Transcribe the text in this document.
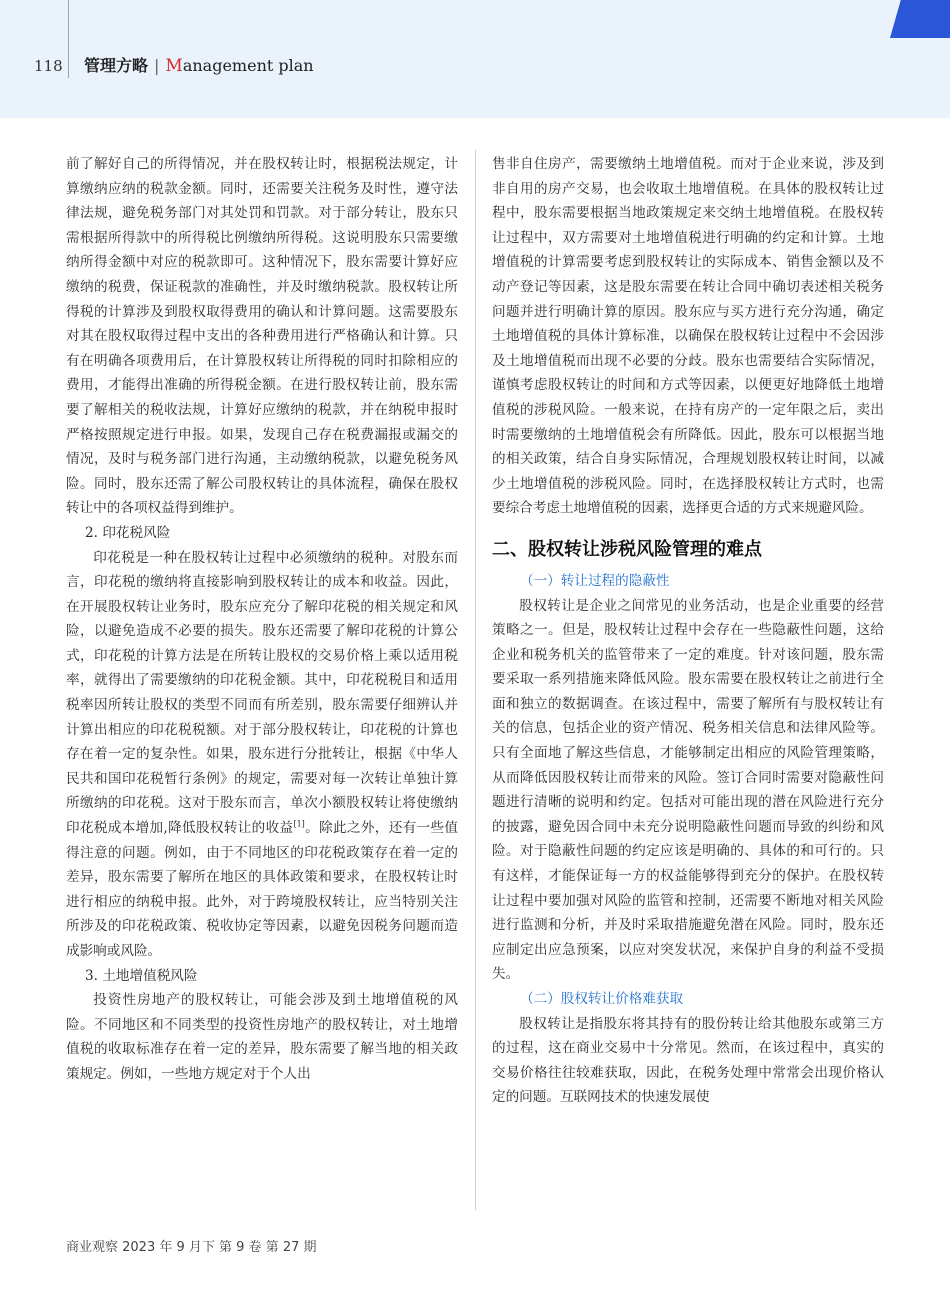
118 管理方略 | Management plan

前了解好自己的所得情况，并在股权转让时，根据税法规定，计算缴纳应纳的税款金额。同时，还需要关注税务及时性，遵守法律法规，避免税务部门对其处罚和罚款。对于部分转让，股东只需根据所得款中的所得税比例缴纳所得税。这说明股东只需要缴纳所得金额中对应的税款即可。这种情况下，股东需要计算好应缴纳的税费，保证税款的准确性，并及时缴纳税款。股权转让所得税的计算涉及到股权取得费用的确认和计算问题。这需要股东对其在股权取得过程中支出的各种费用进行严格确认和计算。只有在明确各项费用后，在计算股权转让所得税的同时扣除相应的费用，才能得出准确的所得税金额。在进行股权转让前，股东需要了解相关的税收法规，计算好应缴纳的税款，并在纳税申报时严格按照规定进行申报。如果，发现自己存在税费漏报或漏交的情况，及时与税务部门进行沟通，主动缴纳税款，以避免税务风险。同时，股东还需了解公司股权转让的具体流程，确保在股权转让中的各项权益得到维护。

2. 印花税风险

印花税是一种在股权转让过程中必须缴纳的税种。对股东而言，印花税的缴纳将直接影响到股权转让的成本和收益。因此，在开展股权转让业务时，股东应充分了解印花税的相关规定和风险，以避免造成不必要的损失。股东还需要了解印花税的计算公式，印花税的计算方法是在所转让股权的交易价格上乘以适用税率，就得出了需要缴纳的印花税金额。其中，印花税税目和适用税率因所转让股权的类型不同而有所差别，股东需要仔细辨认并计算出相应的印花税税额。对于部分股权转让，印花税的计算也存在着一定的复杂性。如果，股东进行分批转让，根据《中华人民共和国印花税暂行条例》的规定，需要对每一次转让单独计算所缴纳的印花税。这对于股东而言，单次小额股权转让将使缴纳印花税成本增加,降低股权转让的收益[1]。除此之外，还有一些值得注意的问题。例如，由于不同地区的印花税政策存在着一定的差异，股东需要了解所在地区的具体政策和要求，在股权转让时进行相应的纳税申报。此外，对于跨境股权转让，应当特别关注所涉及的印花税政策、税收协定等因素，以避免因税务问题而造成影响或风险。

3. 土地增值税风险

投资性房地产的股权转让，可能会涉及到土地增值税的风险。不同地区和不同类型的投资性房地产的股权转让，对土地增值税的收取标准存在着一定的差异，股东需要了解当地的相关政策规定。例如，一些地方规定对于个人出

售非自住房产，需要缴纳土地增值税。而对于企业来说，涉及到非自用的房产交易，也会收取土地增值税。在具体的股权转让过程中，股东需要根据当地政策规定来交纳土地增值税。在股权转让过程中，双方需要对土地增值税进行明确的约定和计算。土地增值税的计算需要考虑到股权转让的实际成本、销售金额以及不动产登记等因素，这是股东需要在转让合同中确切表述相关税务问题并进行明确计算的原因。股东应与买方进行充分沟通，确定土地增值税的具体计算标准，以确保在股权转让过程中不会因涉及土地增值税而出现不必要的分歧。股东也需要结合实际情况，谨慎考虑股权转让的时间和方式等因素，以便更好地降低土地增值税的涉税风险。一般来说，在持有房产的一定年限之后，卖出时需要缴纳的土地增值税会有所降低。因此，股东可以根据当地的相关政策，结合自身实际情况，合理规划股权转让时间，以减少土地增值税的涉税风险。同时，在选择股权转让方式时，也需要综合考虑土地增值税的因素，选择更合适的方式来规避风险。

二、股权转让涉税风险管理的难点

（一）转让过程的隐蔽性

股权转让是企业之间常见的业务活动，也是企业重要的经营策略之一。但是，股权转让过程中会存在一些隐蔽性问题，这给企业和税务机关的监管带来了一定的难度。针对该问题，股东需要采取一系列措施来降低风险。股东需要在股权转让之前进行全面和独立的数据调查。在该过程中，需要了解所有与股权转让有关的信息，包括企业的资产情况、税务相关信息和法律风险等。只有全面地了解这些信息，才能够制定出相应的风险管理策略，从而降低因股权转让而带来的风险。签订合同时需要对隐蔽性问题进行清晰的说明和约定。包括对可能出现的潜在风险进行充分的披露，避免因合同中未充分说明隐蔽性问题而导致的纠纷和风险。对于隐蔽性问题的约定应该是明确的、具体的和可行的。只有这样，才能保证每一方的权益能够得到充分的保护。在股权转让过程中要加强对风险的监管和控制，还需要不断地对相关风险进行监测和分析，并及时采取措施避免潜在风险。同时，股东还应制定出应急预案，以应对突发状况，来保护自身的利益不受损失。

（二）股权转让价格难获取

股权转让是指股东将其持有的股份转让给其他股东或第三方的过程，这在商业交易中十分常见。然而，在该过程中，真实的交易价格往往较难获取，因此，在税务处理中常常会出现价格认定的问题。互联网技术的快速发展使

商业观察 2023 年 9 月下 第 9 卷 第 27 期
